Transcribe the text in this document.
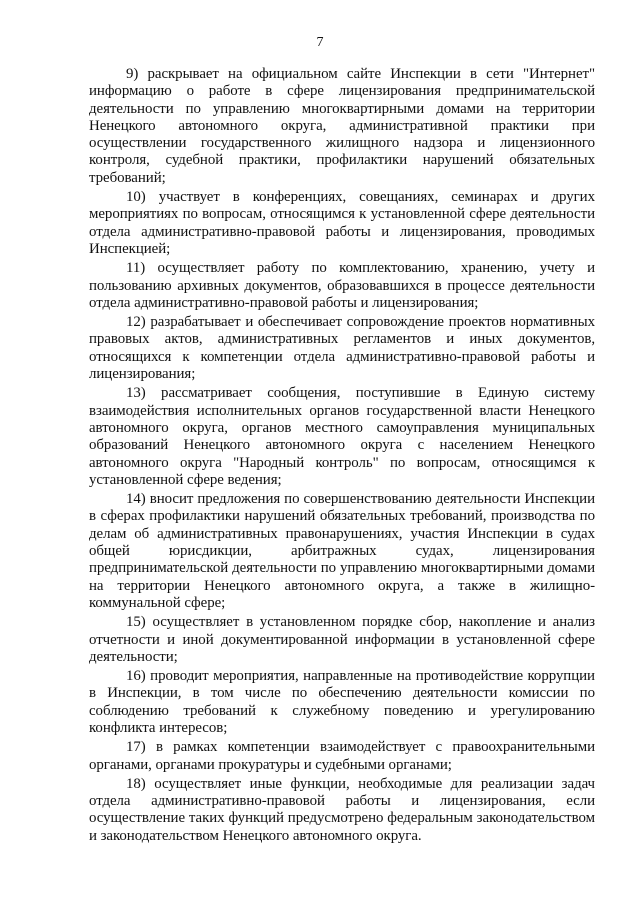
7

9) раскрывает на официальном сайте Инспекции в сети "Интернет" информацию о работе в сфере лицензирования предпринимательской деятельности по управлению многоквартирными домами на территории Ненецкого автономного округа, административной практики при осуществлении государственного жилищного надзора и лицензионного контроля, судебной практики, профилактики нарушений обязательных требований;

10) участвует в конференциях, совещаниях, семинарах и других мероприятиях по вопросам, относящимся к установленной сфере деятельности отдела административно-правовой работы и лицензирования, проводимых Инспекцией;

11) осуществляет работу по комплектованию, хранению, учету и пользованию архивных документов, образовавшихся в процессе деятельности отдела административно-правовой работы и лицензирования;

12) разрабатывает и обеспечивает сопровождение проектов нормативных правовых актов, административных регламентов и иных документов, относящихся к компетенции отдела административно-правовой работы и лицензирования;

13) рассматривает сообщения, поступившие в Единую систему взаимодействия исполнительных органов государственной власти Ненецкого автономного округа, органов местного самоуправления муниципальных образований Ненецкого автономного округа с населением Ненецкого автономного округа "Народный контроль" по вопросам, относящимся к установленной сфере ведения;

14) вносит предложения по совершенствованию деятельности Инспекции в сферах профилактики нарушений обязательных требований, производства по делам об административных правонарушениях, участия Инспекции в судах общей юрисдикции, арбитражных судах, лицензирования предпринимательской деятельности по управлению многоквартирными домами на территории Ненецкого автономного округа, а также в жилищно-коммунальной сфере;

15) осуществляет в установленном порядке сбор, накопление и анализ отчетности и иной документированной информации в установленной сфере деятельности;

16) проводит мероприятия, направленные на противодействие коррупции в Инспекции, в том числе по обеспечению деятельности комиссии по соблюдению требований к служебному поведению и урегулированию конфликта интересов;

17) в рамках компетенции взаимодействует с правоохранительными органами, органами прокуратуры и судебными органами;

18) осуществляет иные функции, необходимые для реализации задач отдела административно-правовой работы и лицензирования, если осуществление таких функций предусмотрено федеральным законодательством и законодательством Ненецкого автономного округа.
